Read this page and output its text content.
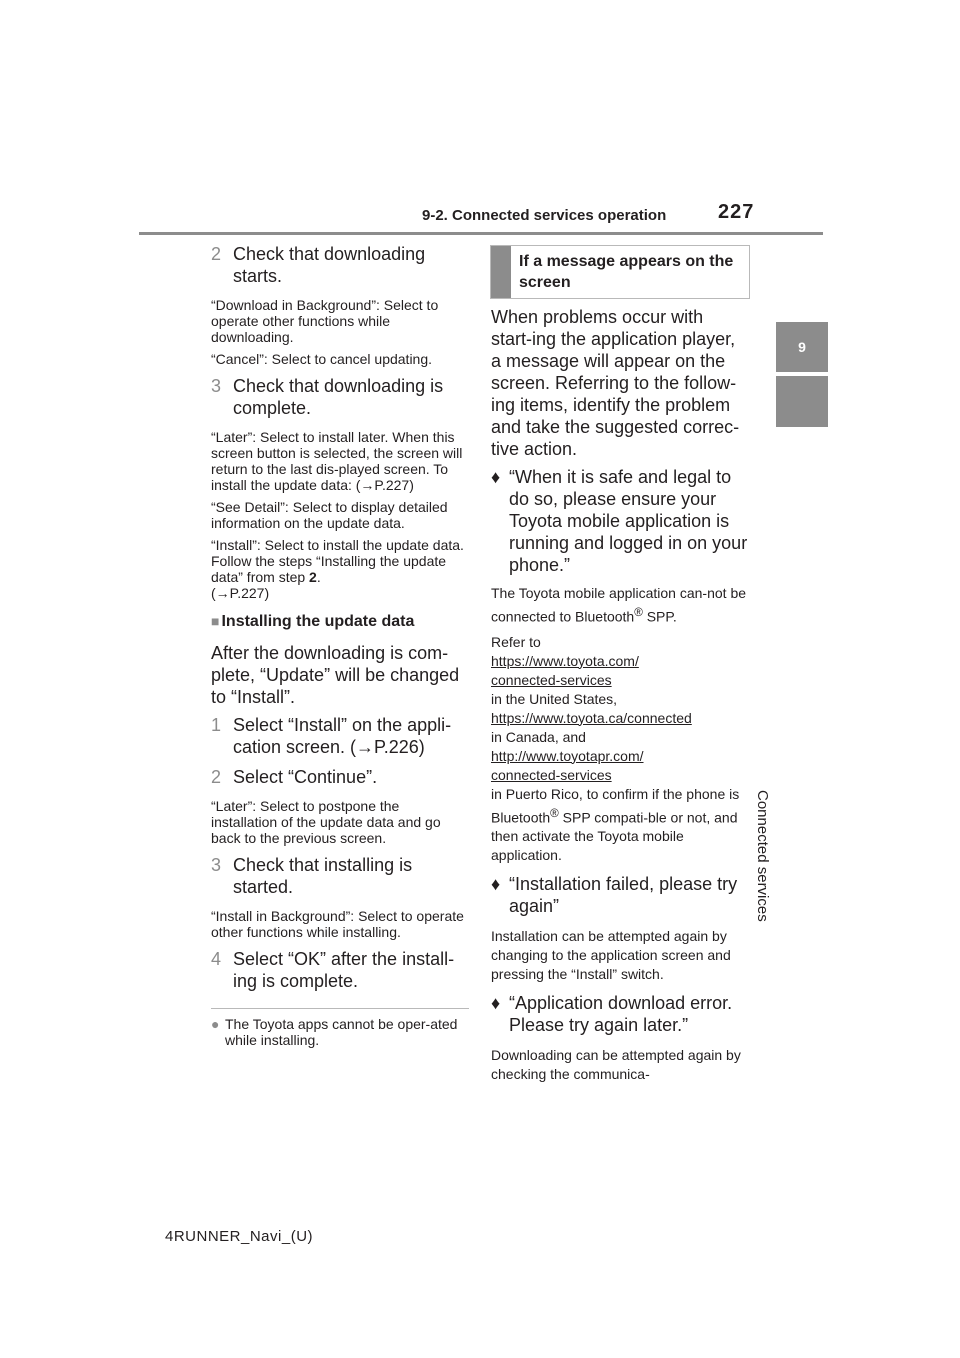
9-2. Connected services operation	227
9
Connected services

2 Check that downloading starts.

“Download in Background”: Select to operate other functions while downloading.

“Cancel”: Select to cancel updating.

3 Check that downloading is complete.

“Later”: Select to install later. When this screen button is selected, the screen will return to the last dis-played screen. To install the update data: (→P.227)

“See Detail”: Select to display detailed information on the update data.

“Install”: Select to install the update data. Follow the steps “Installing the update data” from step 2.
(→P.227)

■ Installing the update data

After the downloading is com-plete, “Update” will be changed to “Install”.

1 Select “Install” on the appli-cation screen. (→P.226)

2 Select “Continue”.

“Later”: Select to postpone the installation of the update data and go back to the previous screen.

3 Check that installing is started.

“Install in Background”: Select to operate other functions while installing.

4 Select “OK” after the install-ing is complete.

● The Toyota apps cannot be oper-ated while installing.

If a message appears on the screen

When problems occur with start-ing the application player, a message will appear on the screen. Referring to the follow-ing items, identify the problem and take the suggested correc-tive action.

♦ “When it is safe and legal to do so, please ensure your Toyota mobile application is running and logged in on your phone.”

The Toyota mobile application can-not be connected to Bluetooth® SPP.

Refer to
https://www.toyota.com/
connected-services
in the United States,
https://www.toyota.ca/connected
in Canada, and
http://www.toyotapr.com/
connected-services
in Puerto Rico, to confirm if the phone is Bluetooth® SPP compati-ble or not, and then activate the Toyota mobile application.

♦ “Installation failed, please try again”

Installation can be attempted again by changing to the application screen and pressing the “Install” switch.

♦ “Application download error. Please try again later.”

Downloading can be attempted again by checking the communica-

4RUNNER_Navi_(U)
